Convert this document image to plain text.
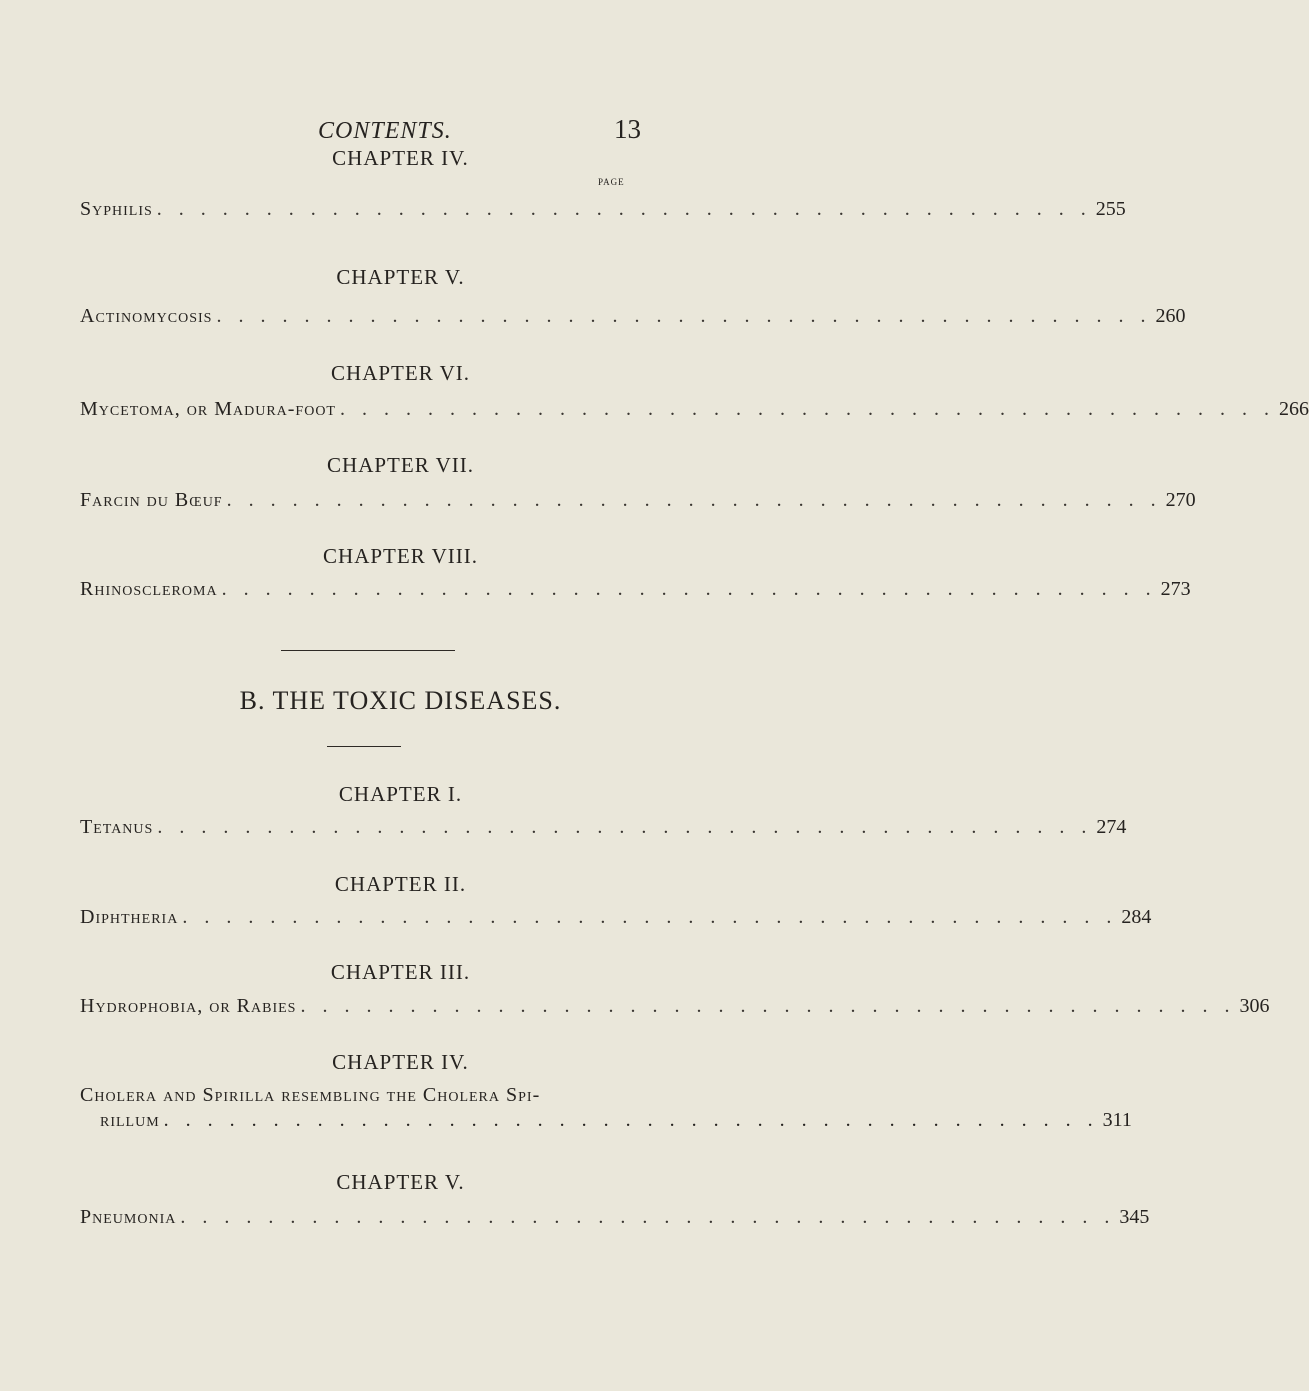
CONTENTS.	13
PAGE
CHAPTER IV.
Syphilis . . . . . . . . . . . . . . . . . . . . . . . . . . . . . . . . . . . . . . . . . . . 255
CHAPTER V.
Actinomycosis . . . . . . . . . . . . . . . . . . . . . . . . . . . . . . . . . . . . . . . . . . . 260
CHAPTER VI.
Mycetoma, or Madura-foot . . . . . . . . . . . . . . . . . . . . . . . . . . . . . . . . . . . . . . . . . . . 266
CHAPTER VII.
Farcin du Bœuf . . . . . . . . . . . . . . . . . . . . . . . . . . . . . . . . . . . . . . . . . . . 270
CHAPTER VIII.
Rhinoscleroma . . . . . . . . . . . . . . . . . . . . . . . . . . . . . . . . . . . . . . . . . . . 273
B. THE TOXIC DISEASES.
CHAPTER I.
Tetanus . . . . . . . . . . . . . . . . . . . . . . . . . . . . . . . . . . . . . . . . . . . 274
CHAPTER II.
Diphtheria . . . . . . . . . . . . . . . . . . . . . . . . . . . . . . . . . . . . . . . . . . . 284
CHAPTER III.
Hydrophobia, or Rabies . . . . . . . . . . . . . . . . . . . . . . . . . . . . . . . . . . . . . . . . . . . 306
CHAPTER IV.
Cholera and Spirilla resembling the Cholera Spi-
rillum . . . . . . . . . . . . . . . . . . . . . . . . . . . . . . . . . . . . . . . . . . . 311
CHAPTER V.
Pneumonia . . . . . . . . . . . . . . . . . . . . . . . . . . . . . . . . . . . . . . . . . . . 345
